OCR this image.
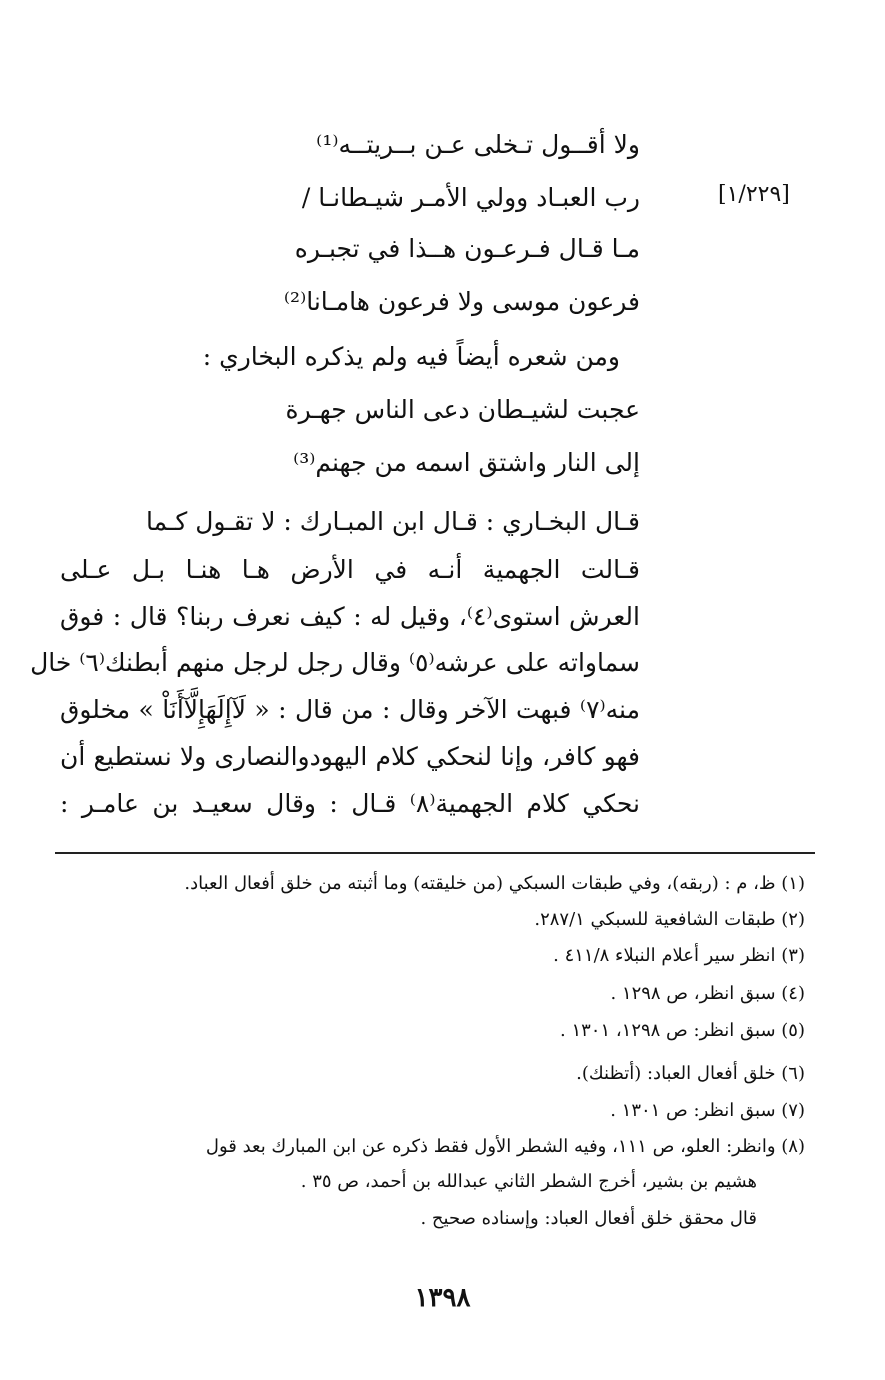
[١/٢٢٩]
ولا أقــول تـخلى عـن بــريتــه⁽¹⁾
رب العبـاد وولي الأمـر شيـطانـا /
مـا قـال فـرعـون هــذا في تجبـره
فرعون موسى ولا فرعون هامـانا⁽²⁾
ومن شعره أيضاً فيه ولم يذكره البخاري :
عجبت لشيـطان دعى الناس جهـرة
إلى النار واشتق اسمه من جهنم⁽³⁾
قـال البخـاري : قـال ابن المبـارك : لا تقـول كـما
قـالت الجهمية أنـه في الأرض هـا هنـا بـل عـلى
العرش استوى⁽٤⁾، وقيل له : كيف نعرف ربنا؟ قال : فوق
سماواته على عرشه⁽٥⁾ وقال رجل لرجل منهم أبطنك⁽٦⁾ خال
منه⁽٧⁾ فبهت الآخر وقال : من قال : « لَآإِلَهَإِلَّآأَنَاْ » مخلوق
فهو كافر، وإنا لنحكي كلام اليهودوالنصارى ولا نستطيع أن
نحكي كلام الجهمية⁽٨⁾ قـال : وقال سعيـد بن عامـر :
(١) ظ، م : (ربقه)، وفي طبقات السبكي (من خليقته) وما أثبته من خلق أفعال العباد.
(٢) طبقات الشافعية للسبكي ٢٨٧/١.
(٣) انظر سير أعلام النبلاء ٤١١/٨ .
(٤) سبق انظر، ص ١٢٩٨ .
(٥) سبق انظر: ص ١٢٩٨، ١٣٠١ .
(٦) خلق أفعال العباد: (أتظنك).
(٧) سبق انظر: ص ١٣٠١ .
(٨) وانظر: العلو، ص ١١١، وفيه الشطر الأول فقط ذكره عن ابن المبارك بعد قول
هشيم بن بشير، أخرج الشطر الثاني عبدالله بن أحمد، ص ٣٥ .
قال محقق خلق أفعال العباد: وإسناده صحيح .
١٣٩٨
